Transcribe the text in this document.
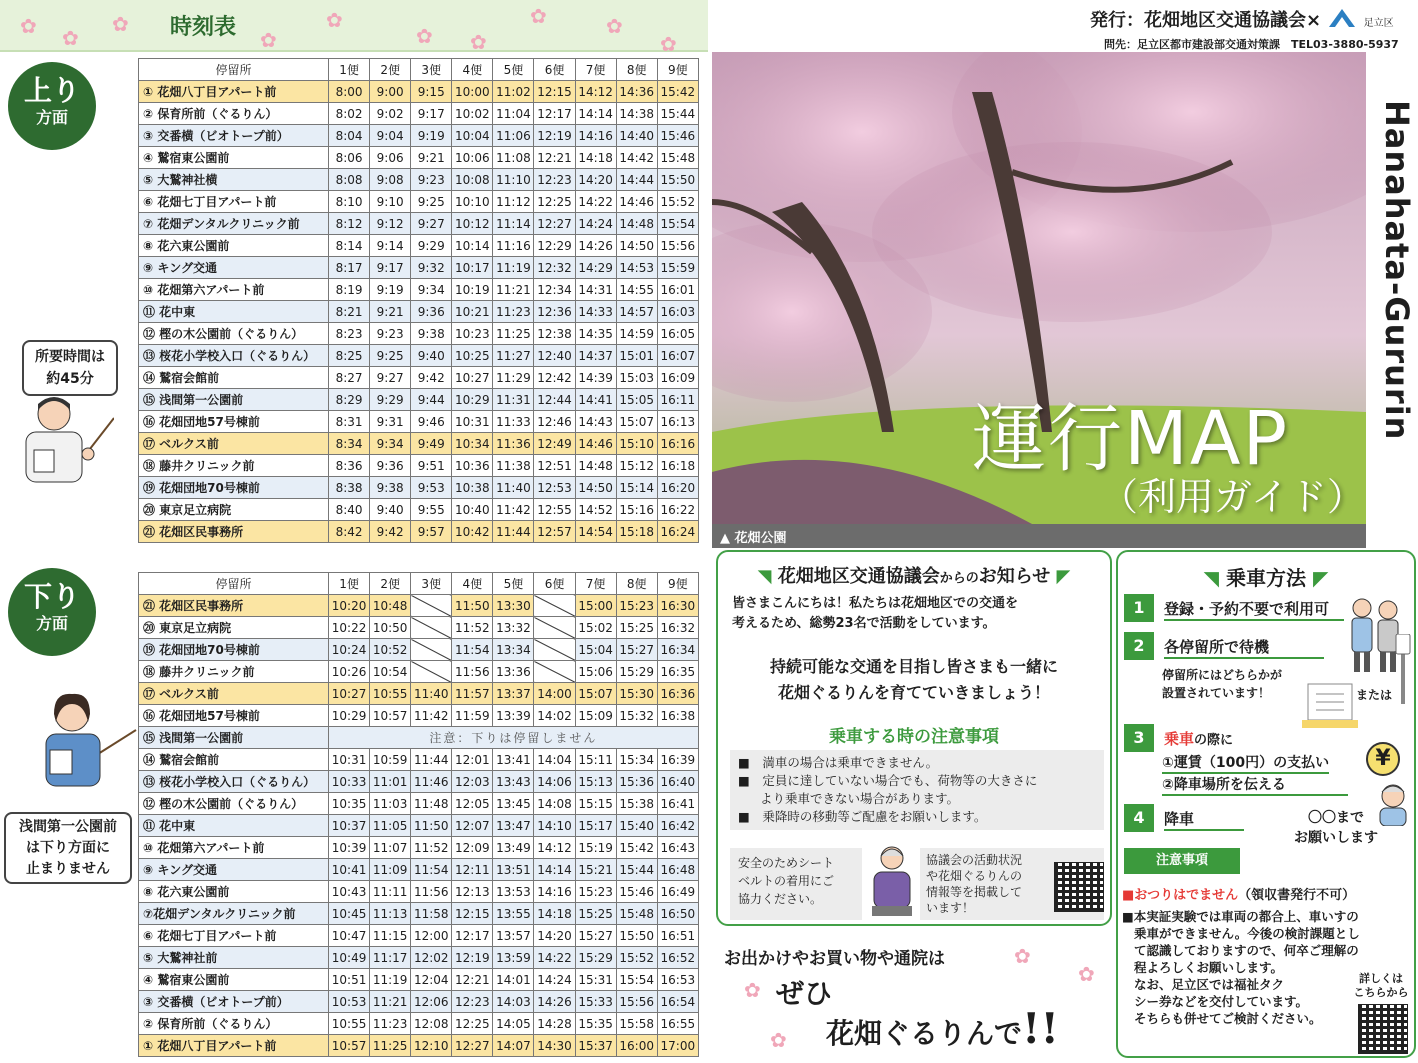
時刻表
✿ ✿
✿
✿
✿
✿ ✿
✿	✿
✿
上り
方面
停留所	1便	2便	3便	4便	5便	6便	7便	8便	9便
① 花畑八丁目アパート前	8:00	9:00	9:15	10:00	11:02	12:15	14:12	14:36	15:42
② 保育所前（ぐるりん）	8:02	9:02	9:17	10:02	11:04	12:17	14:14	14:38	15:44
③ 交番横（ビオトープ前）	8:04	9:04	9:19	10:04	11:06	12:19	14:16	14:40	15:46
④ 鷲宿東公園前	8:06	9:06	9:21	10:06	11:08	12:21	14:18	14:42	15:48
⑤ 大鷲神社横	8:08	9:08	9:23	10:08	11:10	12:23	14:20	14:44	15:50
⑥ 花畑七丁目アパート前	8:10	9:10	9:25	10:10	11:12	12:25	14:22	14:46	15:52
⑦ 花畑デンタルクリニック前	8:12	9:12	9:27	10:12	11:14	12:27	14:24	14:48	15:54
⑧ 花六東公園前	8:14	9:14	9:29	10:14	11:16	12:29	14:26	14:50	15:56
⑨ キング交通	8:17	9:17	9:32	10:17	11:19	12:32	14:29	14:53	15:59
⑩ 花畑第六アパート前	8:19	9:19	9:34	10:19	11:21	12:34	14:31	14:55	16:01
⑪ 花中東	8:21	9:21	9:36	10:21	11:23	12:36	14:33	14:57	16:03
⑫ 樫の木公園前（ぐるりん）	8:23	9:23	9:38	10:23	11:25	12:38	14:35	14:59	16:05
⑬ 桜花小学校入口（ぐるりん）	8:25	9:25	9:40	10:25	11:27	12:40	14:37	15:01	16:07
⑭ 鷲宿会館前	8:27	9:27	9:42	10:27	11:29	12:42	14:39	15:03	16:09
⑮ 浅間第一公園前	8:29	9:29	9:44	10:29	11:31	12:44	14:41	15:05	16:11
⑯ 花畑団地57号棟前	8:31	9:31	9:46	10:31	11:33	12:46	14:43	15:07	16:13
⑰ ベルクス前	8:34	9:34	9:49	10:34	11:36	12:49	14:46	15:10	16:16
⑱ 藤井クリニック前	8:36	9:36	9:51	10:36	11:38	12:51	14:48	15:12	16:18
⑲ 花畑団地70号棟前	8:38	9:38	9:53	10:38	11:40	12:53	14:50	15:14	16:20
⑳ 東京足立病院	8:40	9:40	9:55	10:40	11:42	12:55	14:52	15:16	16:22
㉑ 花畑区民事務所	8:42	9:42	9:57	10:42	11:44	12:57	14:54	15:18	16:24
所要時間は
約45分
下り
方面
停留所	1便	2便	3便	4便	5便	6便	7便	8便	9便
㉑ 花畑区民事務所	10:20	10:48		11:50	13:30		15:00	15:23	16:30
⑳ 東京足立病院	10:22	10:50		11:52	13:32		15:02	15:25	16:32
⑲ 花畑団地70号棟前	10:24	10:52		11:54	13:34		15:04	15:27	16:34
⑱ 藤井クリニック前	10:26	10:54		11:56	13:36		15:06	15:29	16:35
⑰ ベルクス前	10:27	10:55	11:40	11:57	13:37	14:00	15:07	15:30	16:36
⑯ 花畑団地57号棟前	10:29	10:57	11:42	11:59	13:39	14:02	15:09	15:32	16:38
⑮ 浅間第一公園前	注意：下りは停留しません								
⑭ 鷲宿会館前	10:31	10:59	11:44	12:01	13:41	14:04	15:11	15:34	16:39
⑬ 桜花小学校入口（ぐるりん）	10:33	11:01	11:46	12:03	13:43	14:06	15:13	15:36	16:40
⑫ 樫の木公園前（ぐるりん）	10:35	11:03	11:48	12:05	13:45	14:08	15:15	15:38	16:41
⑪ 花中東	10:37	11:05	11:50	12:07	13:47	14:10	15:17	15:40	16:42
⑩ 花畑第六アパート前	10:39	11:07	11:52	12:09	13:49	14:12	15:19	15:42	16:43
⑨ キング交通	10:41	11:09	11:54	12:11	13:51	14:14	15:21	15:44	16:48
⑧ 花六東公園前	10:43	11:11	11:56	12:13	13:53	14:16	15:23	15:46	16:49
⑦花畑デンタルクリニック前	10:45	11:13	11:58	12:15	13:55	14:18	15:25	15:48	16:50
⑥ 花畑七丁目アパート前	10:47	11:15	12:00	12:17	13:57	14:20	15:27	15:50	16:51
⑤ 大鷲神社前	10:49	11:17	12:02	12:19	13:59	14:22	15:29	15:52	16:52
④ 鷲宿東公園前	10:51	11:19	12:04	12:21	14:01	14:24	15:31	15:54	16:53
③ 交番横（ビオトープ前）	10:53	11:21	12:06	12:23	14:03	14:26	15:33	15:56	16:54
② 保育所前（ぐるりん）	10:55	11:23	12:08	12:25	14:05	14:28	15:35	15:58	16:55
① 花畑八丁目アパート前	10:57	11:25	12:10	12:27	14:07	14:30	15:37	16:00	17:00
浅間第一公園前
は下り方面に
止まりません
発行：花畑地区交通協議会×	足立区
問先：足立区都市建設部交通対策課　TEL03-3880-5937
Hanahata-Gururin
運行MAP
（利用ガイド）
▲ 花畑公園
◥ 花畑地区交通協議会からのお知らせ ◤
皆さまこんにちは！私たちは花畑地区での交通を
考えるため、総勢23名で活動をしています。
持続可能な交通を目指し皆さまも一緒に
花畑ぐるりんを育てていきましょう！
乗車する時の注意事項
■　満車の場合は乗車できません。
■　定員に達していない場合でも、荷物等の大きさに
より乗車できない場合があります。
■　乗降時の移動等ご配慮をお願いします。
安全のためシート
ベルトの着用にご
協力ください。
協議会の活動状況
や花畑ぐるりんの
情報等を掲載して
います！
お出かけやお買い物や通院は
ぜひ
花畑ぐるりんで!!
✿
✿
✿
✿
◥ 乗車方法 ◤
1	登録・予約不要で利用可
2	各停留所で待機
停留所にはどちらかが
設置されています！	または
3	乗車の際に
①運賃（100円）の支払い
②降車場所を伝える
¥
4	降車	〇〇まで
お願いします
注意事項
■おつりはでません（領収書発行不可）
■本実証実験では車両の都合上、車いすの
乗車ができません。今後の検討課題とし
て認識しておりますので、何卒ご理解の
程よろしくお願いします。
なお、足立区では福祉タク
シー券などを交付しています。
そちらも併せてご検討ください。
詳しくは
こちらから
